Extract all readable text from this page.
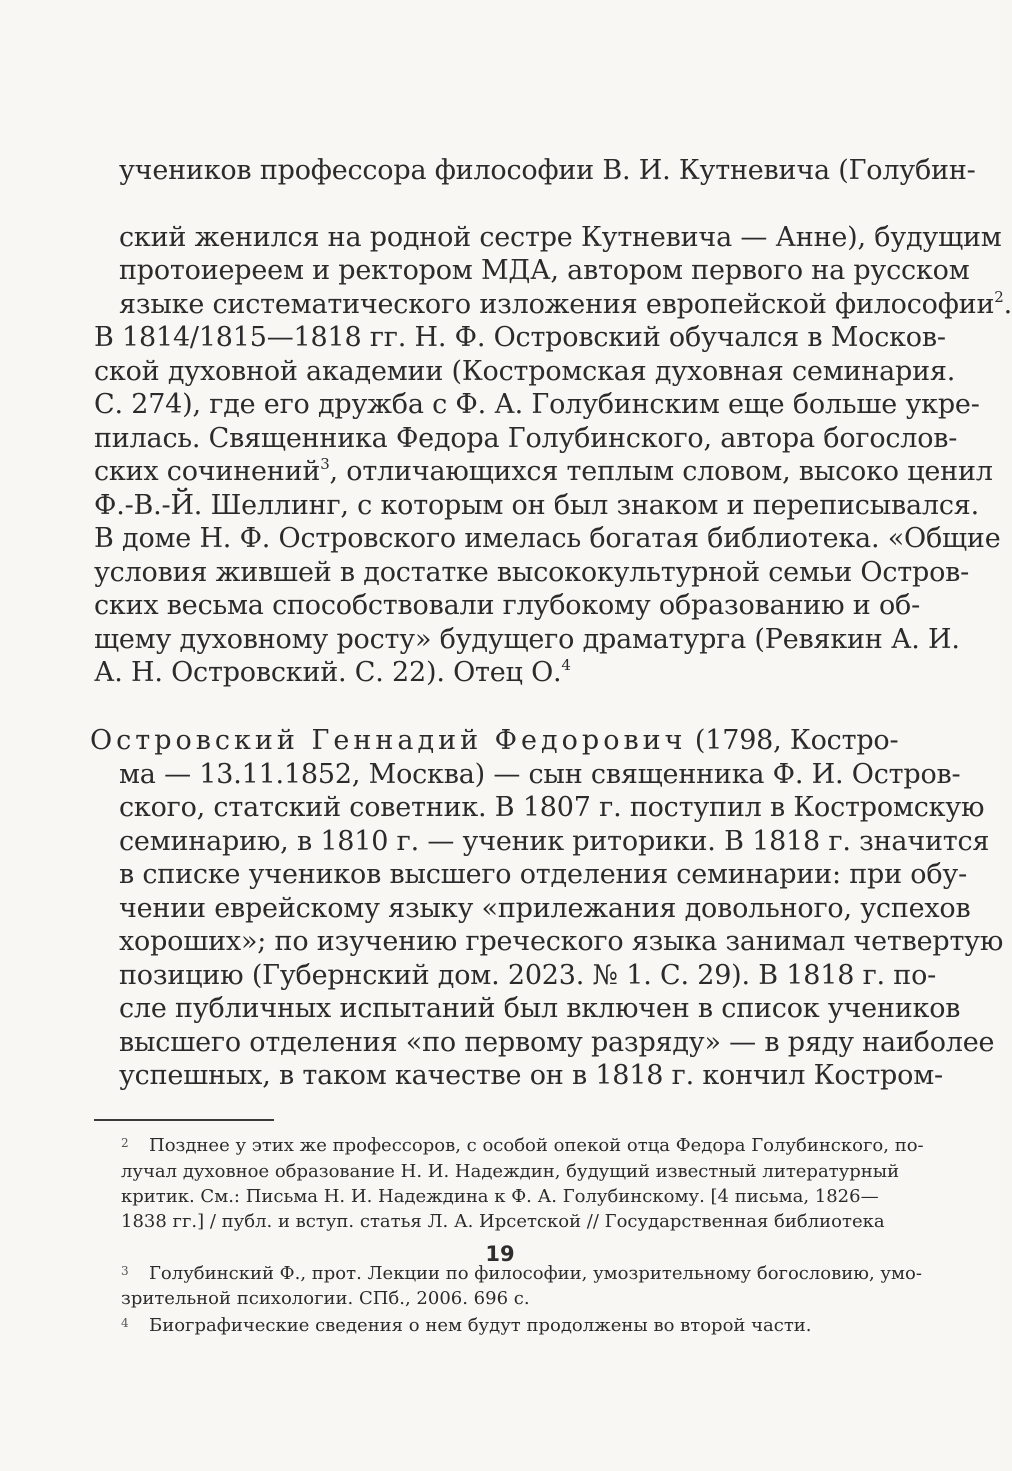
учеников профессора философии В. И. Кутневича (Голубин-
ский женился на родной сестре Кутневича — Анне), будущим
протоиереем и ректором МДА, автором первого на русском
языке систематического изложения европейской философии$^2$.
В 1814/1815—1818 гг. Н. Ф. Островский обучался в Москов-
ской духовной академии (Костромская духовная семинария.
С. 274), где его дружба с Ф. А. Голубинским еще больше укре-
пилась. Священника Федора Голубинского, автора богослов-
ских сочинений$^3$, отличающихся теплым словом, высоко ценил
Ф.-В.-Й. Шеллинг, с которым он был знаком и переписывался.
В доме Н. Ф. Островского имелась богатая библиотека. «Общие
условия жившей в достатке высококультурной семьи Остров-
ских весьма способствовали глубокому образованию и об-
щему духовному росту» будущего драматурга (Ревякин А. И.
А. Н. Островский. С. 22). Отец О.$^4$
Островский Геннадий Федорович (1798, Костро-
ма — 13.11.1852, Москва) — сын священника Ф. И. Остров-
ского, статский советник. В 1807 г. поступил в Костромскую
семинарию, в 1810 г. — ученик риторики. В 1818 г. значится
в списке учеников высшего отделения семинарии: при обу-
чении еврейскому языку «прилежания довольного, успехов
хороших»; по изучению греческого языка занимал четвертую
позицию (Губернский дом. 2023. № 1. С. 29). В 1818 г. по-
сле публичных испытаний был включен в список учеников
высшего отделения «по первому разряду» — в ряду наиболее
успешных, в таком качестве он в 1818 г. кончил Костром-
2 Позднее у этих же профессоров, с особой опекой отца Федора Голубинского, по-
лучал духовное образование Н. И. Надеждин, будущий известный литературный
критик. См.: Письма Н. И. Надеждина к Ф. А. Голубинскому. [4 письма, 1826—
1838 гг.] / публ. и вступ. статья Л. А. Ирсетской // Государственная библиотека
3 Голубинский Ф., прот. Лекции по философии, умозрительному богословию, умо-
зрительной психологии. СПб., 2006. 696 с.
4 Биографические сведения о нем будут продолжены во второй части.
19
